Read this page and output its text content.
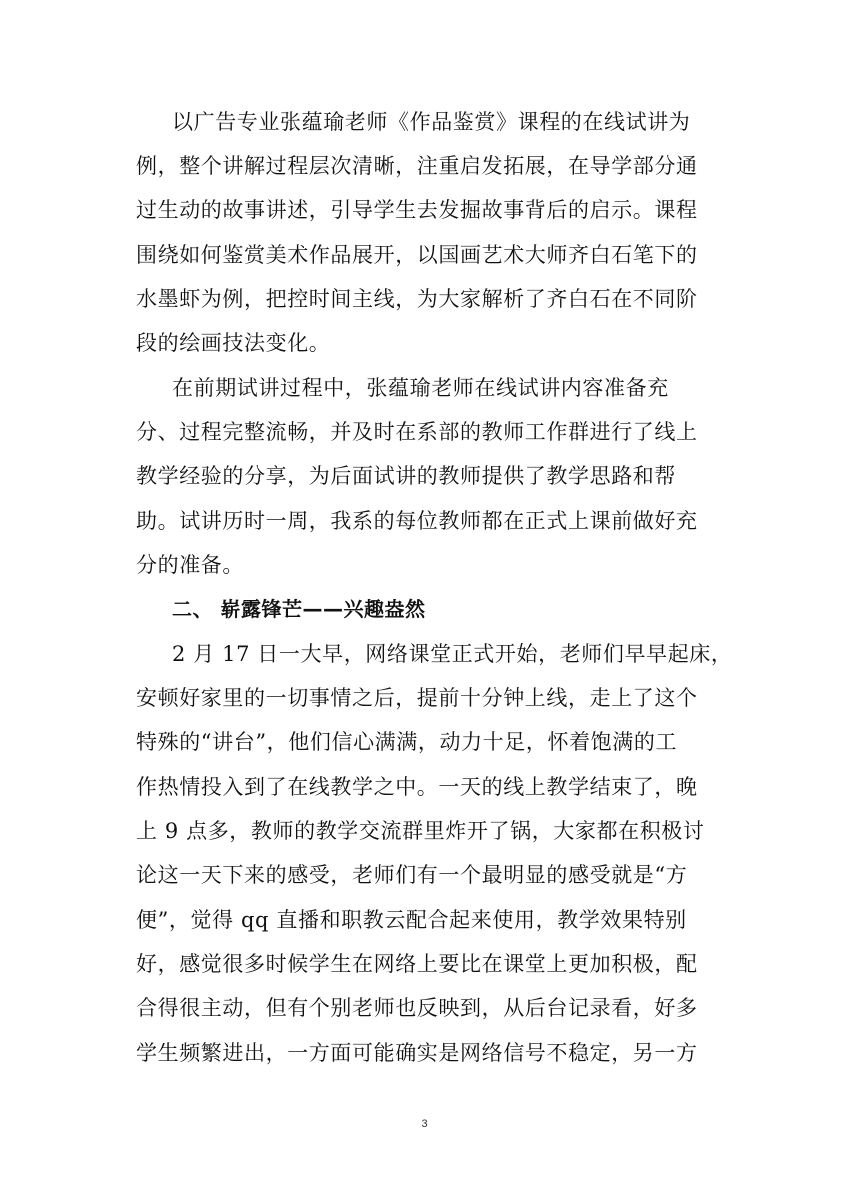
以广告专业张蕴瑜老师《作品鉴赏》课程的在线试讲为
例，整个讲解过程层次清晰，注重启发拓展，在导学部分通
过生动的故事讲述，引导学生去发掘故事背后的启示。课程
围绕如何鉴赏美术作品展开，以国画艺术大师齐白石笔下的
水墨虾为例，把控时间主线，为大家解析了齐白石在不同阶
段的绘画技法变化。
在前期试讲过程中，张蕴瑜老师在线试讲内容准备充
分、过程完整流畅，并及时在系部的教师工作群进行了线上
教学经验的分享，为后面试讲的教师提供了教学思路和帮
助。试讲历时一周，我系的每位教师都在正式上课前做好充
分的准备。
二、 崭露锋芒——兴趣盎然
2 月 17 日一大早，网络课堂正式开始，老师们早早起床，
安顿好家里的一切事情之后，提前十分钟上线，走上了这个
特殊的“讲台”，他们信心满满，动力十足，怀着饱满的工
作热情投入到了在线教学之中。一天的线上教学结束了，晚
上 9 点多，教师的教学交流群里炸开了锅，大家都在积极讨
论这一天下来的感受，老师们有一个最明显的感受就是“方
便”，觉得 qq 直播和职教云配合起来使用，教学效果特别
好，感觉很多时候学生在网络上要比在课堂上更加积极，配
合得很主动，但有个别老师也反映到，从后台记录看，好多
学生频繁进出，一方面可能确实是网络信号不稳定，另一方
3
